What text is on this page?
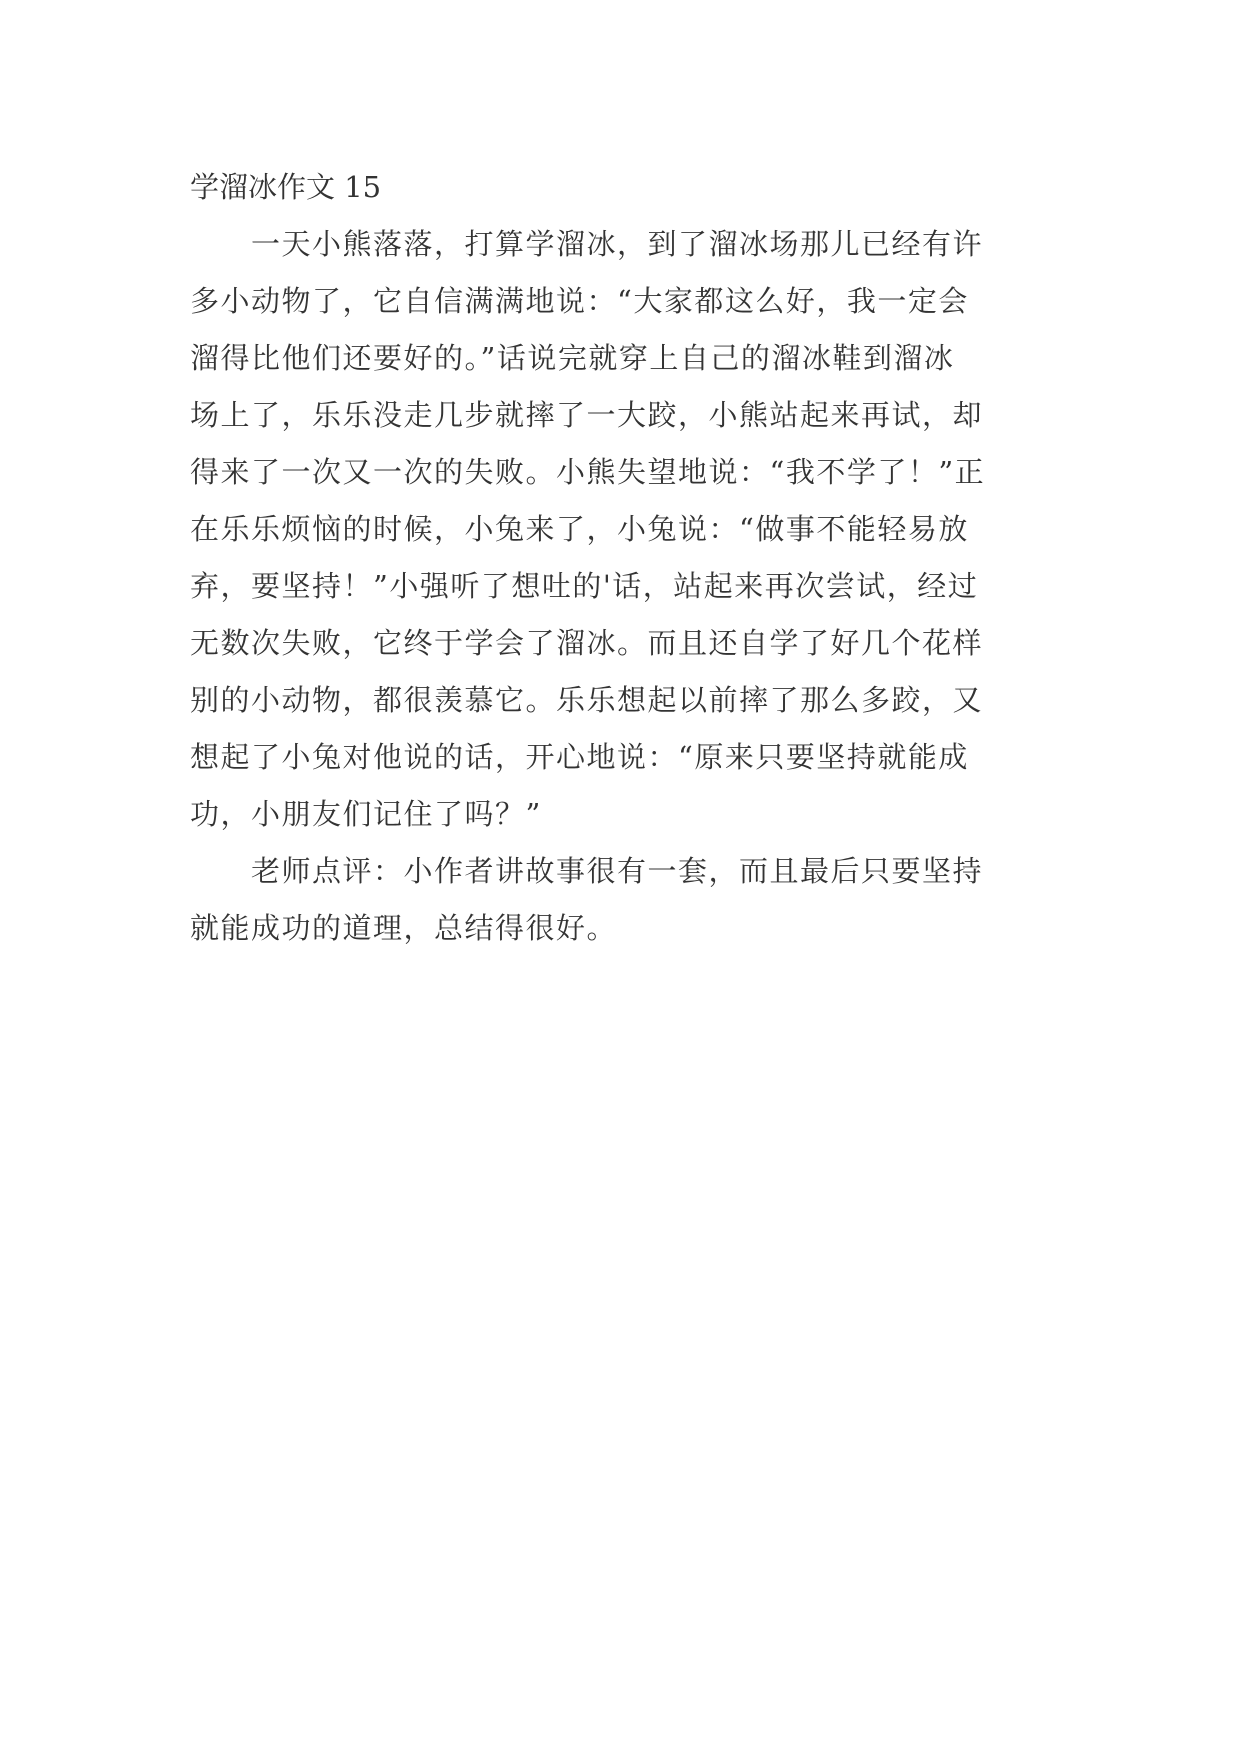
学溜冰作文 15
一天小熊落落，打算学溜冰，到了溜冰场那儿已经有许
多小动物了，它自信满满地说：“大家都这么好，我一定会
溜得比他们还要好的。”话说完就穿上自己的溜冰鞋到溜冰
场上了，乐乐没走几步就摔了一大跤，小熊站起来再试，却
得来了一次又一次的失败。小熊失望地说：“我不学了！”正
在乐乐烦恼的时候，小兔来了，小兔说：“做事不能轻易放
弃，要坚持！”小强听了想吐的'话，站起来再次尝试，经过
无数次失败，它终于学会了溜冰。而且还自学了好几个花样
别的小动物，都很羡慕它。乐乐想起以前摔了那么多跤，又
想起了小兔对他说的话，开心地说：“原来只要坚持就能成
功，小朋友们记住了吗？”
老师点评：小作者讲故事很有一套，而且最后只要坚持
就能成功的道理，总结得很好。
